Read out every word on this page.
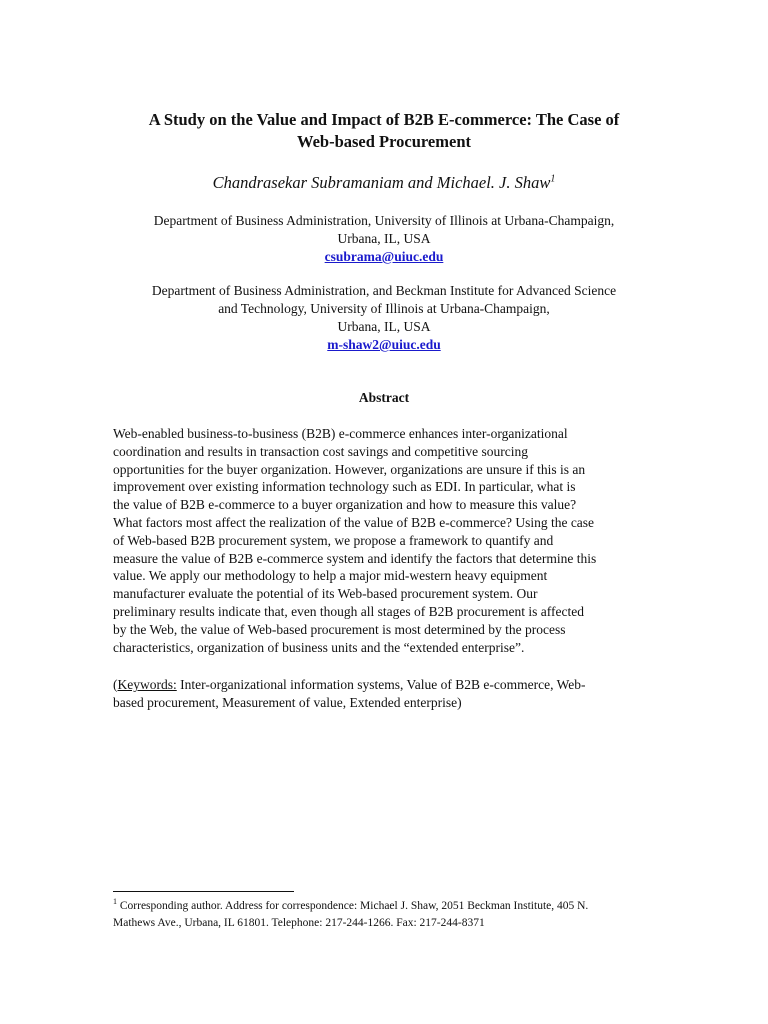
A Study on the Value and Impact of B2B E-commerce: The Case of
Web-based Procurement
Chandrasekar Subramaniam and Michael. J. Shaw$^1$
Department of Business Administration, University of Illinois at Urbana-Champaign,
Urbana, IL, USA
csubrama@uiuc.edu
Department of Business Administration, and Beckman Institute for Advanced Science
and Technology, University of Illinois at Urbana-Champaign,
Urbana, IL, USA
m-shaw2@uiuc.edu
Abstract
Web-enabled business-to-business (B2B) e-commerce enhances inter-organizational
coordination and results in transaction cost savings and competitive sourcing
opportunities for the buyer organization. However, organizations are unsure if this is an
improvement over existing information technology such as EDI. In particular, what is
the value of B2B e-commerce to a buyer organization and how to measure this value?
What factors most affect the realization of the value of B2B e-commerce? Using the case
of Web-based B2B procurement system, we propose a framework to quantify and
measure the value of B2B e-commerce system and identify the factors that determine this
value. We apply our methodology to help a major mid-western heavy equipment
manufacturer evaluate the potential of its Web-based procurement system. Our
preliminary results indicate that, even though all stages of B2B procurement is affected
by the Web, the value of Web-based procurement is most determined by the process
characteristics, organization of business units and the “extended enterprise”.
(Keywords: Inter-organizational information systems, Value of B2B e-commerce, Web-
based procurement, Measurement of value, Extended enterprise)
$^1$ Corresponding author. Address for correspondence: Michael J. Shaw, 2051 Beckman Institute, 405 N.
Mathews Ave., Urbana, IL 61801. Telephone: 217-244-1266. Fax: 217-244-8371
